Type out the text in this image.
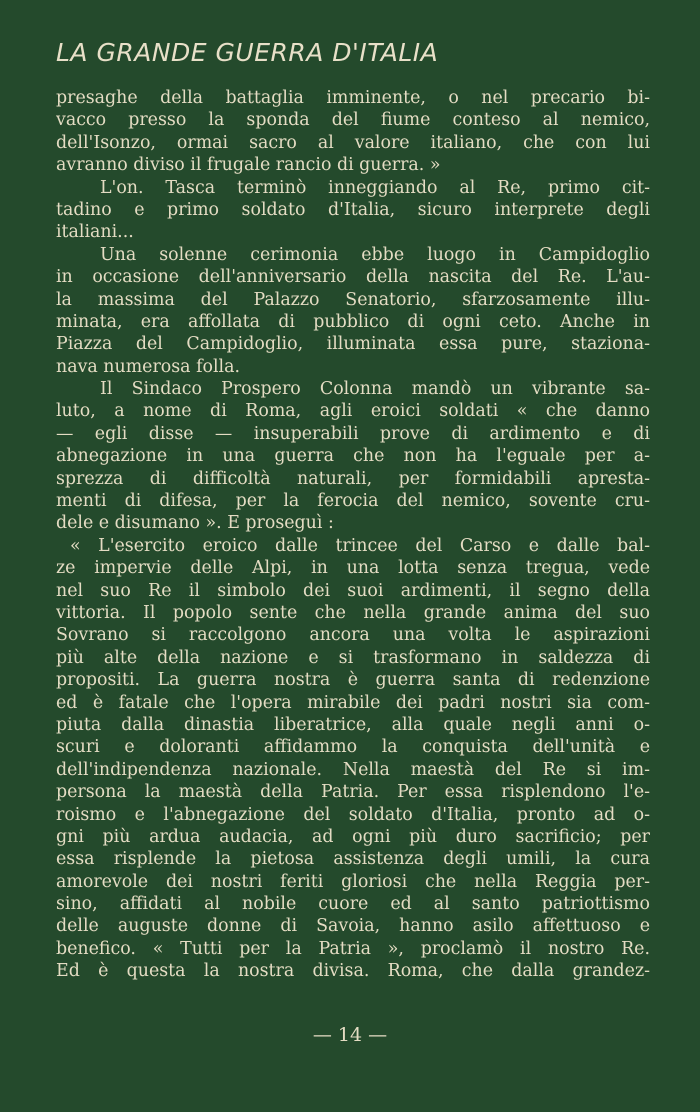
LA GRANDE GUERRA D'ITALIA
presaghe della battaglia imminente, o nel precario bi-
vacco presso la sponda del fiume conteso al nemico,
dell'Isonzo, ormai sacro al valore italiano, che con lui
avranno diviso il frugale rancio di guerra. »
L'on. Tasca terminò inneggiando al Re, primo cit-
tadino e primo soldato d'Italia, sicuro interprete degli
italiani...
Una solenne cerimonia ebbe luogo in Campidoglio
in occasione dell'anniversario della nascita del Re. L'au-
la massima del Palazzo Senatorio, sfarzosamente illu-
minata, era affollata di pubblico di ogni ceto. Anche in
Piazza del Campidoglio, illuminata essa pure, staziona-
nava numerosa folla.
Il Sindaco Prospero Colonna mandò un vibrante sa-
luto, a nome di Roma, agli eroici soldati « che danno
— egli disse — insuperabili prove di ardimento e di
abnegazione in una guerra che non ha l'eguale per a-
sprezza di difficoltà naturali, per formidabili apresta-
menti di difesa, per la ferocia del nemico, sovente cru-
dele e disumano ». E proseguì :
« L'esercito eroico dalle trincee del Carso e dalle bal-
ze impervie delle Alpi, in una lotta senza tregua, vede
nel suo Re il simbolo dei suoi ardimenti, il segno della
vittoria. Il popolo sente che nella grande anima del suo
Sovrano si raccolgono ancora una volta le aspirazioni
più alte della nazione e si trasformano in saldezza di
propositi. La guerra nostra è guerra santa di redenzione
ed è fatale che l'opera mirabile dei padri nostri sia com-
piuta dalla dinastia liberatrice, alla quale negli anni o-
scuri e doloranti affidammo la conquista dell'unità e
dell'indipendenza nazionale. Nella maestà del Re si im-
persona la maestà della Patria. Per essa risplendono l'e-
roismo e l'abnegazione del soldato d'Italia, pronto ad o-
gni più ardua audacia, ad ogni più duro sacrificio; per
essa risplende la pietosa assistenza degli umili, la cura
amorevole dei nostri feriti gloriosi che nella Reggia per-
sino, affidati al nobile cuore ed al santo patriottismo
delle auguste donne di Savoia, hanno asilo affettuoso e
benefico. « Tutti per la Patria », proclamò il nostro Re.
Ed è questa la nostra divisa. Roma, che dalla grandez-

— 14 —
